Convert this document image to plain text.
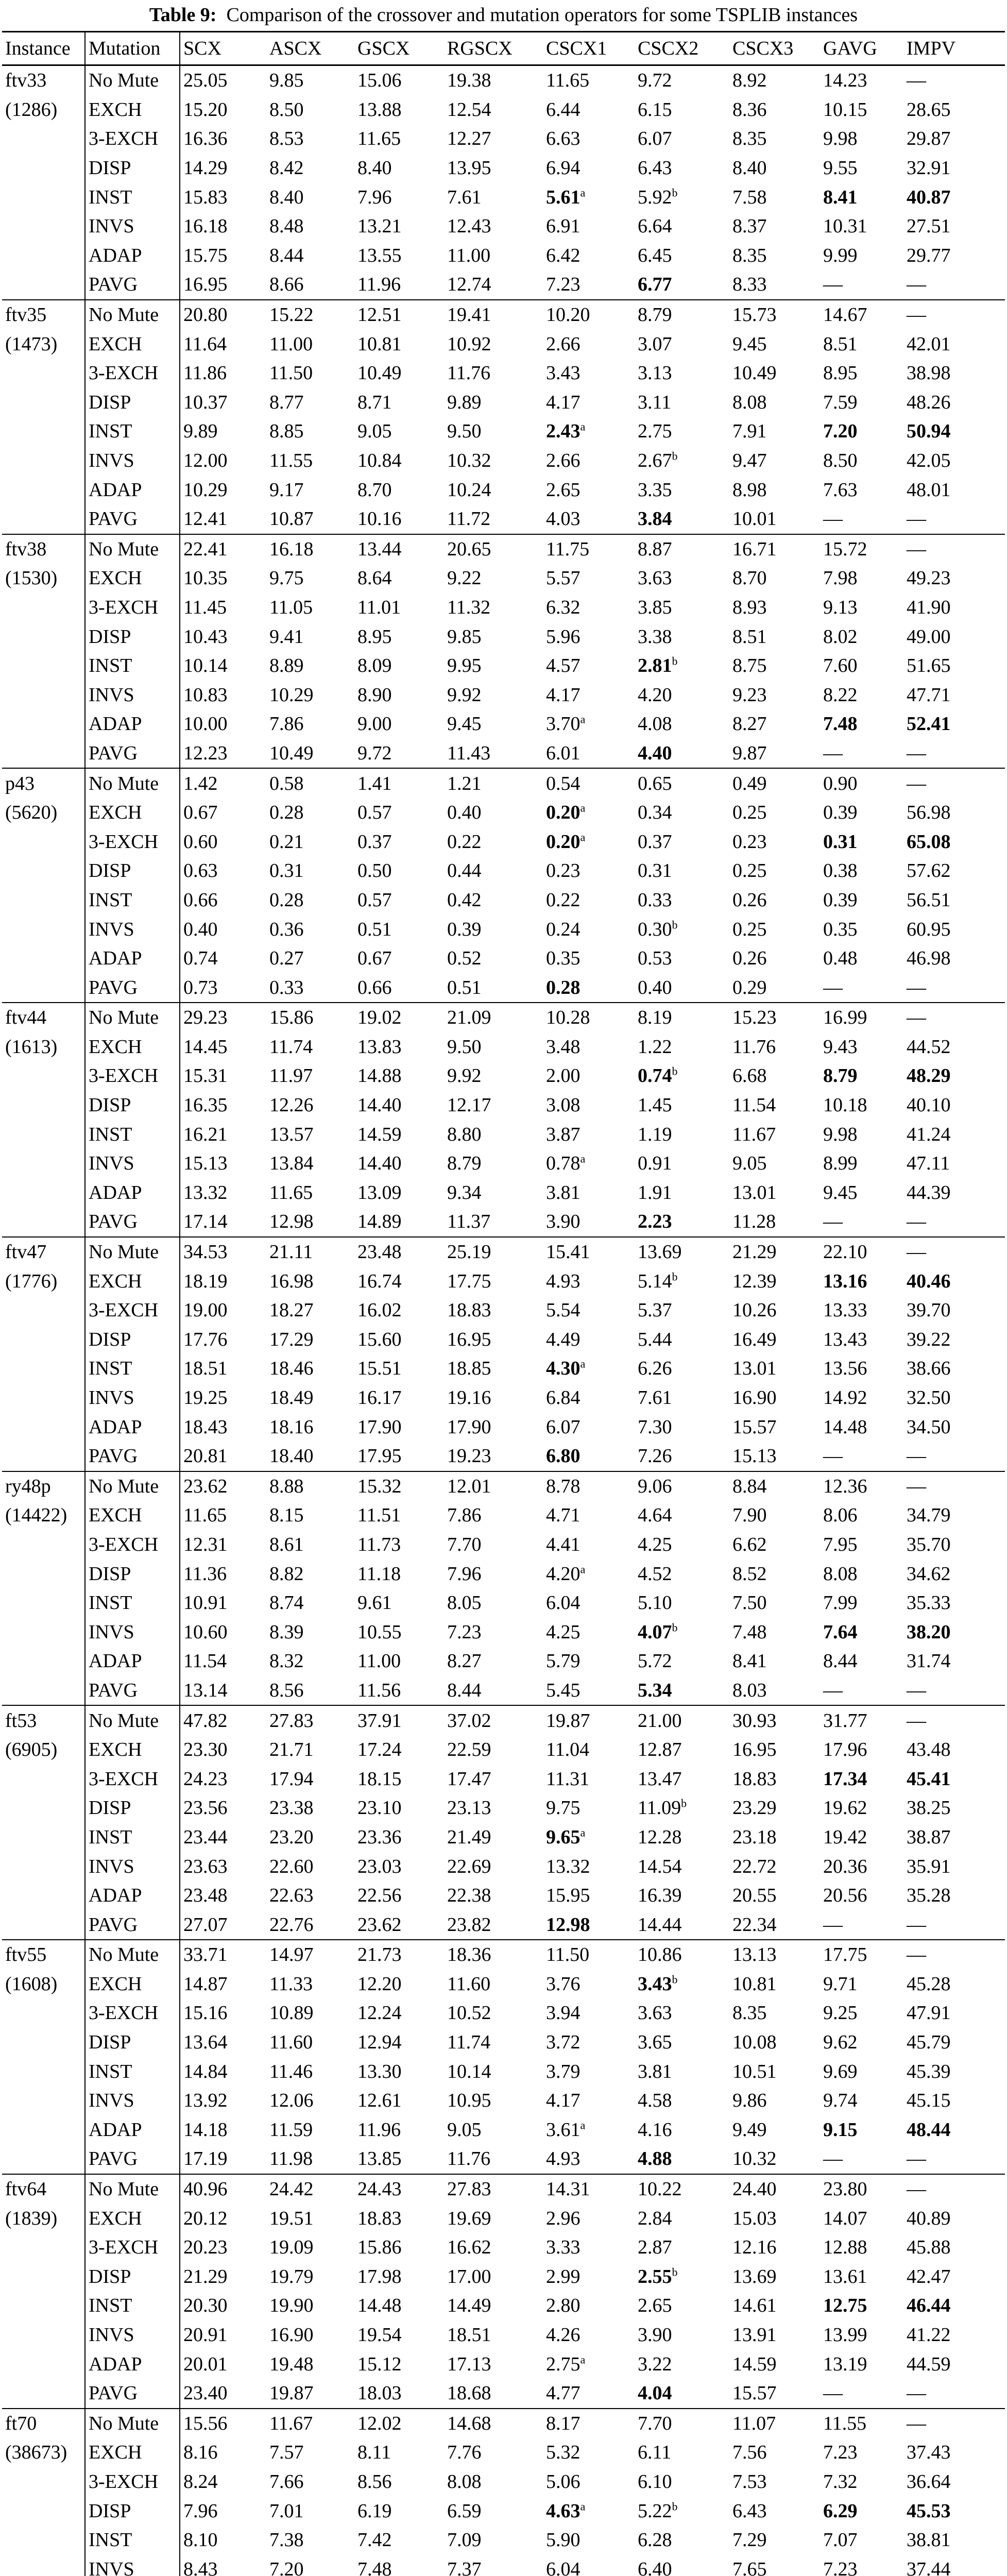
Table 9: Comparison of the crossover and mutation operators for some TSPLIB instances
Instance	Mutation	SCX	ASCX	GSCX	RGSCX	CSCX1	CSCX2	CSCX3	GAVG	IMPV
ftv33	No Mute	25.05	9.85	15.06	19.38	11.65	9.72	8.92	14.23	—
(1286)	EXCH	15.20	8.50	13.88	12.54	6.44	6.15	8.36	10.15	28.65
	3-EXCH	16.36	8.53	11.65	12.27	6.63	6.07	8.35	9.98	29.87
	DISP	14.29	8.42	8.40	13.95	6.94	6.43	8.40	9.55	32.91
	INST	15.83	8.40	7.96	7.61	5.61$^a$	5.92$^b$	7.58	8.41	40.87
	INVS	16.18	8.48	13.21	12.43	6.91	6.64	8.37	10.31	27.51
	ADAP	15.75	8.44	13.55	11.00	6.42	6.45	8.35	9.99	29.77
	PAVG	16.95	8.66	11.96	12.74	7.23	6.77	8.33	—	—
ftv35	No Mute	20.80	15.22	12.51	19.41	10.20	8.79	15.73	14.67	—
(1473)	EXCH	11.64	11.00	10.81	10.92	2.66	3.07	9.45	8.51	42.01
	3-EXCH	11.86	11.50	10.49	11.76	3.43	3.13	10.49	8.95	38.98
	DISP	10.37	8.77	8.71	9.89	4.17	3.11	8.08	7.59	48.26
	INST	9.89	8.85	9.05	9.50	2.43$^a$	2.75	7.91	7.20	50.94
	INVS	12.00	11.55	10.84	10.32	2.66	2.67$^b$	9.47	8.50	42.05
	ADAP	10.29	9.17	8.70	10.24	2.65	3.35	8.98	7.63	48.01
	PAVG	12.41	10.87	10.16	11.72	4.03	3.84	10.01	—	—
ftv38	No Mute	22.41	16.18	13.44	20.65	11.75	8.87	16.71	15.72	—
(1530)	EXCH	10.35	9.75	8.64	9.22	5.57	3.63	8.70	7.98	49.23
	3-EXCH	11.45	11.05	11.01	11.32	6.32	3.85	8.93	9.13	41.90
	DISP	10.43	9.41	8.95	9.85	5.96	3.38	8.51	8.02	49.00
	INST	10.14	8.89	8.09	9.95	4.57	2.81$^b$	8.75	7.60	51.65
	INVS	10.83	10.29	8.90	9.92	4.17	4.20	9.23	8.22	47.71
	ADAP	10.00	7.86	9.00	9.45	3.70$^a$	4.08	8.27	7.48	52.41
	PAVG	12.23	10.49	9.72	11.43	6.01	4.40	9.87	—	—
p43	No Mute	1.42	0.58	1.41	1.21	0.54	0.65	0.49	0.90	—
(5620)	EXCH	0.67	0.28	0.57	0.40	0.20$^a$	0.34	0.25	0.39	56.98
	3-EXCH	0.60	0.21	0.37	0.22	0.20$^a$	0.37	0.23	0.31	65.08
	DISP	0.63	0.31	0.50	0.44	0.23	0.31	0.25	0.38	57.62
	INST	0.66	0.28	0.57	0.42	0.22	0.33	0.26	0.39	56.51
	INVS	0.40	0.36	0.51	0.39	0.24	0.30$^b$	0.25	0.35	60.95
	ADAP	0.74	0.27	0.67	0.52	0.35	0.53	0.26	0.48	46.98
	PAVG	0.73	0.33	0.66	0.51	0.28	0.40	0.29	—	—
ftv44	No Mute	29.23	15.86	19.02	21.09	10.28	8.19	15.23	16.99	—
(1613)	EXCH	14.45	11.74	13.83	9.50	3.48	1.22	11.76	9.43	44.52
	3-EXCH	15.31	11.97	14.88	9.92	2.00	0.74$^b$	6.68	8.79	48.29
	DISP	16.35	12.26	14.40	12.17	3.08	1.45	11.54	10.18	40.10
	INST	16.21	13.57	14.59	8.80	3.87	1.19	11.67	9.98	41.24
	INVS	15.13	13.84	14.40	8.79	0.78$^a$	0.91	9.05	8.99	47.11
	ADAP	13.32	11.65	13.09	9.34	3.81	1.91	13.01	9.45	44.39
	PAVG	17.14	12.98	14.89	11.37	3.90	2.23	11.28	—	—
ftv47	No Mute	34.53	21.11	23.48	25.19	15.41	13.69	21.29	22.10	—
(1776)	EXCH	18.19	16.98	16.74	17.75	4.93	5.14$^b$	12.39	13.16	40.46
	3-EXCH	19.00	18.27	16.02	18.83	5.54	5.37	10.26	13.33	39.70
	DISP	17.76	17.29	15.60	16.95	4.49	5.44	16.49	13.43	39.22
	INST	18.51	18.46	15.51	18.85	4.30$^a$	6.26	13.01	13.56	38.66
	INVS	19.25	18.49	16.17	19.16	6.84	7.61	16.90	14.92	32.50
	ADAP	18.43	18.16	17.90	17.90	6.07	7.30	15.57	14.48	34.50
	PAVG	20.81	18.40	17.95	19.23	6.80	7.26	15.13	—	—
ry48p	No Mute	23.62	8.88	15.32	12.01	8.78	9.06	8.84	12.36	—
(14422)	EXCH	11.65	8.15	11.51	7.86	4.71	4.64	7.90	8.06	34.79
	3-EXCH	12.31	8.61	11.73	7.70	4.41	4.25	6.62	7.95	35.70
	DISP	11.36	8.82	11.18	7.96	4.20$^a$	4.52	8.52	8.08	34.62
	INST	10.91	8.74	9.61	8.05	6.04	5.10	7.50	7.99	35.33
	INVS	10.60	8.39	10.55	7.23	4.25	4.07$^b$	7.48	7.64	38.20
	ADAP	11.54	8.32	11.00	8.27	5.79	5.72	8.41	8.44	31.74
	PAVG	13.14	8.56	11.56	8.44	5.45	5.34	8.03	—	—
ft53	No Mute	47.82	27.83	37.91	37.02	19.87	21.00	30.93	31.77	—
(6905)	EXCH	23.30	21.71	17.24	22.59	11.04	12.87	16.95	17.96	43.48
	3-EXCH	24.23	17.94	18.15	17.47	11.31	13.47	18.83	17.34	45.41
	DISP	23.56	23.38	23.10	23.13	9.75	11.09$^b$	23.29	19.62	38.25
	INST	23.44	23.20	23.36	21.49	9.65$^a$	12.28	23.18	19.42	38.87
	INVS	23.63	22.60	23.03	22.69	13.32	14.54	22.72	20.36	35.91
	ADAP	23.48	22.63	22.56	22.38	15.95	16.39	20.55	20.56	35.28
	PAVG	27.07	22.76	23.62	23.82	12.98	14.44	22.34	—	—
ftv55	No Mute	33.71	14.97	21.73	18.36	11.50	10.86	13.13	17.75	—
(1608)	EXCH	14.87	11.33	12.20	11.60	3.76	3.43$^b$	10.81	9.71	45.28
	3-EXCH	15.16	10.89	12.24	10.52	3.94	3.63	8.35	9.25	47.91
	DISP	13.64	11.60	12.94	11.74	3.72	3.65	10.08	9.62	45.79
	INST	14.84	11.46	13.30	10.14	3.79	3.81	10.51	9.69	45.39
	INVS	13.92	12.06	12.61	10.95	4.17	4.58	9.86	9.74	45.15
	ADAP	14.18	11.59	11.96	9.05	3.61$^a$	4.16	9.49	9.15	48.44
	PAVG	17.19	11.98	13.85	11.76	4.93	4.88	10.32	—	—
ftv64	No Mute	40.96	24.42	24.43	27.83	14.31	10.22	24.40	23.80	—
(1839)	EXCH	20.12	19.51	18.83	19.69	2.96	2.84	15.03	14.07	40.89
	3-EXCH	20.23	19.09	15.86	16.62	3.33	2.87	12.16	12.88	45.88
	DISP	21.29	19.79	17.98	17.00	2.99	2.55$^b$	13.69	13.61	42.47
	INST	20.30	19.90	14.48	14.49	2.80	2.65	14.61	12.75	46.44
	INVS	20.91	16.90	19.54	18.51	4.26	3.90	13.91	13.99	41.22
	ADAP	20.01	19.48	15.12	17.13	2.75$^a$	3.22	14.59	13.19	44.59
	PAVG	23.40	19.87	18.03	18.68	4.77	4.04	15.57	—	—
ft70	No Mute	15.56	11.67	12.02	14.68	8.17	7.70	11.07	11.55	—
(38673)	EXCH	8.16	7.57	8.11	7.76	5.32	6.11	7.56	7.23	37.43
	3-EXCH	8.24	7.66	8.56	8.08	5.06	6.10	7.53	7.32	36.64
	DISP	7.96	7.01	6.19	6.59	4.63$^a$	5.22$^b$	6.43	6.29	45.53
	INST	8.10	7.38	7.42	7.09	5.90	6.28	7.29	7.07	38.81
	INVS	8.43	7.20	7.48	7.37	6.04	6.40	7.65	7.23	37.44
